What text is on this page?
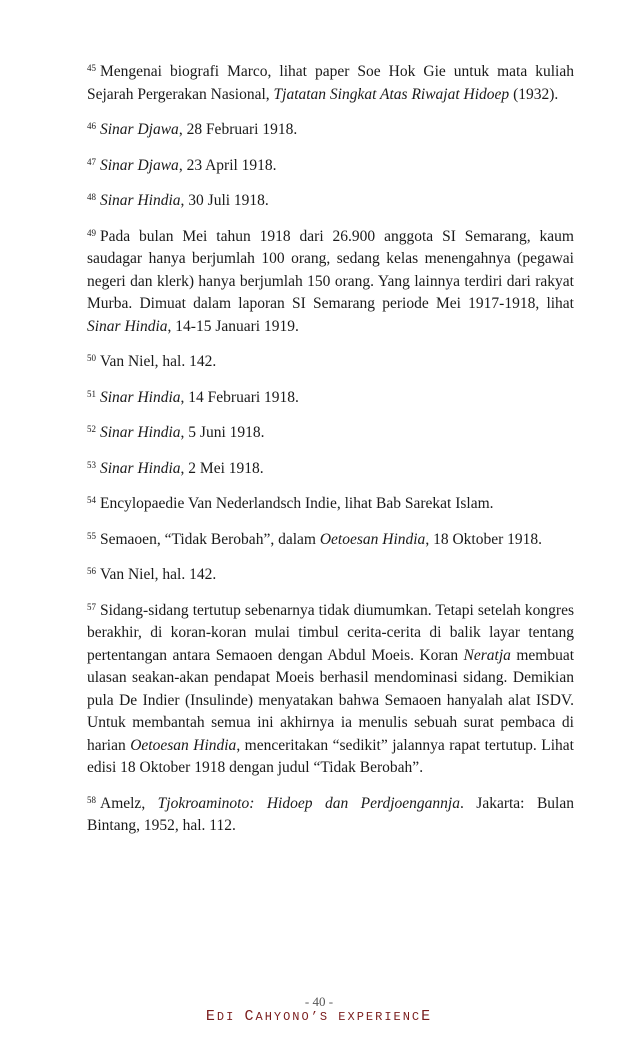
$^{45}$ Mengenai biografi Marco, lihat paper Soe Hok Gie untuk mata kuliah Sejarah Pergerakan Nasional, Tjatatan Singkat Atas Riwajat Hidoep (1932).

$^{46}$ Sinar Djawa, 28 Februari 1918.

$^{47}$ Sinar Djawa, 23 April 1918.

$^{48}$ Sinar Hindia, 30 Juli 1918.

$^{49}$ Pada bulan Mei tahun 1918 dari 26.900 anggota SI Semarang, kaum saudagar hanya berjumlah 100 orang, sedang kelas menengahnya (pegawai negeri dan klerk) hanya berjumlah 150 orang. Yang lainnya terdiri dari rakyat Murba. Dimuat dalam laporan SI Semarang periode Mei 1917-1918, lihat Sinar Hindia, 14-15 Januari 1919.

$^{50}$ Van Niel, hal. 142.

$^{51}$ Sinar Hindia, 14 Februari 1918.

$^{52}$ Sinar Hindia, 5 Juni 1918.

$^{53}$ Sinar Hindia, 2 Mei 1918.

$^{54}$ Encylopaedie Van Nederlandsch Indie, lihat Bab Sarekat Islam.

$^{55}$ Semaoen, “Tidak Berobah”, dalam Oetoesan Hindia, 18 Oktober 1918.

$^{56}$ Van Niel, hal. 142.

$^{57}$ Sidang-sidang tertutup sebenarnya tidak diumumkan. Tetapi setelah kongres berakhir, di koran-koran mulai timbul cerita-cerita di balik layar tentang pertentangan antara Semaoen dengan Abdul Moeis. Koran Neratja membuat ulasan seakan-akan pendapat Moeis berhasil mendominasi sidang. Demikian pula De Indier (Insulinde) menyatakan bahwa Semaoen hanyalah alat ISDV. Untuk membantah semua ini akhirnya ia menulis sebuah surat pembaca di harian Oetoesan Hindia, menceritakan “sedikit” jalannya rapat tertutup. Lihat edisi 18 Oktober 1918 dengan judul “Tidak Berobah”.

$^{58}$ Amelz, Tjokroaminoto: Hidoep dan Perdjoengannja. Jakarta: Bulan Bintang, 1952, hal. 112.

- 40 -
EDI CAHYONO’S EXPERIENCE
